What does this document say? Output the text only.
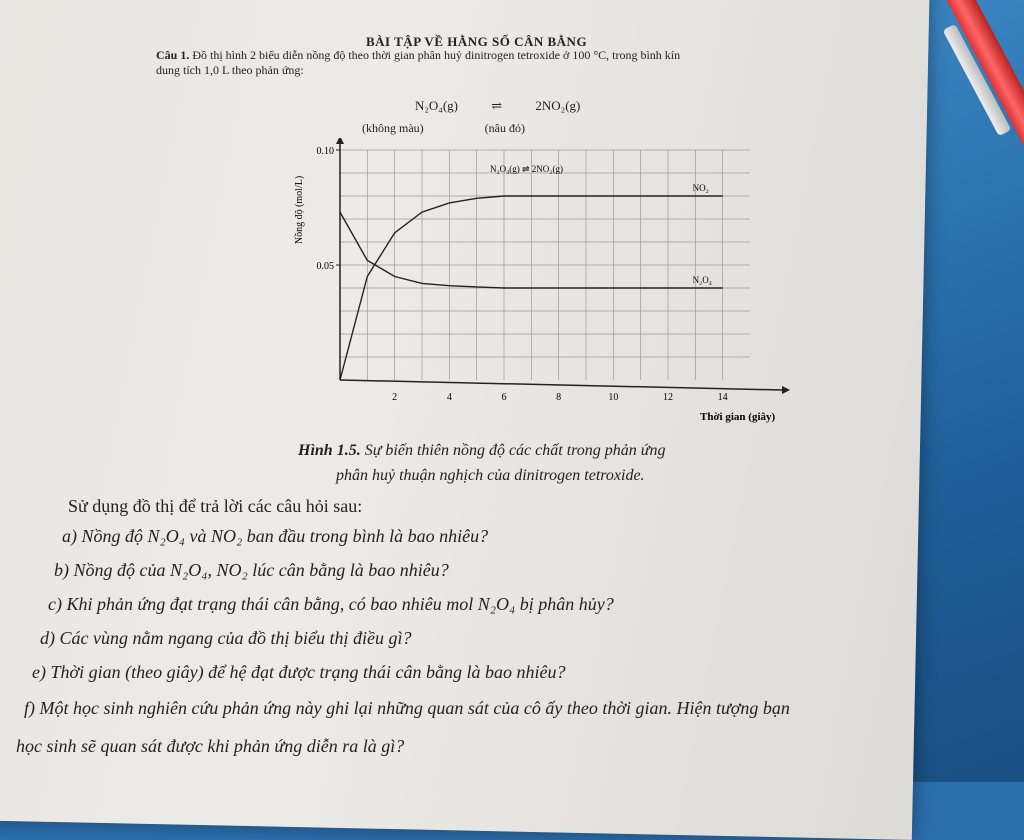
BÀI TẬP VỀ HẰNG SỐ CÂN BẰNG
Câu 1. Đồ thị hình 2 biểu diễn nồng độ theo thời gian phân huỷ dinitrogen tetroxide ở 100 °C, trong bình kín
dung tích 1,0 L theo phản ứng:
N₂O₄(g)	⇌	2NO₂(g)
(không màu)	(nâu đỏ)
Nồng độ (mol/L)
Thời gian (giây)
N₂O₄(g) ⇌ 2NO₂(g)
2	4	6	8	10	12	14
0.05
0.10
NO₂
N₂O₄
Hình 1.5. Sự biến thiên nồng độ các chất trong phản ứng
phân huỷ thuận nghịch của dinitrogen tetroxide.
Sử dụng đồ thị để trả lời các câu hỏi sau:
a) Nồng độ N₂O₄ và NO₂ ban đầu trong bình là bao nhiêu?
b) Nồng độ của N₂O₄, NO₂ lúc cân bằng là bao nhiêu?
c) Khi phản ứng đạt trạng thái cân bằng, có bao nhiêu mol N₂O₄ bị phân hủy?
d) Các vùng nằm ngang của đồ thị biểu thị điều gì?
e) Thời gian (theo giây) để hệ đạt được trạng thái cân bằng là bao nhiêu?
f) Một học sinh nghiên cứu phản ứng này ghi lại những quan sát của cô ấy theo thời gian. Hiện tượng bạn
học sinh sẽ quan sát được khi phản ứng diễn ra là gì?
